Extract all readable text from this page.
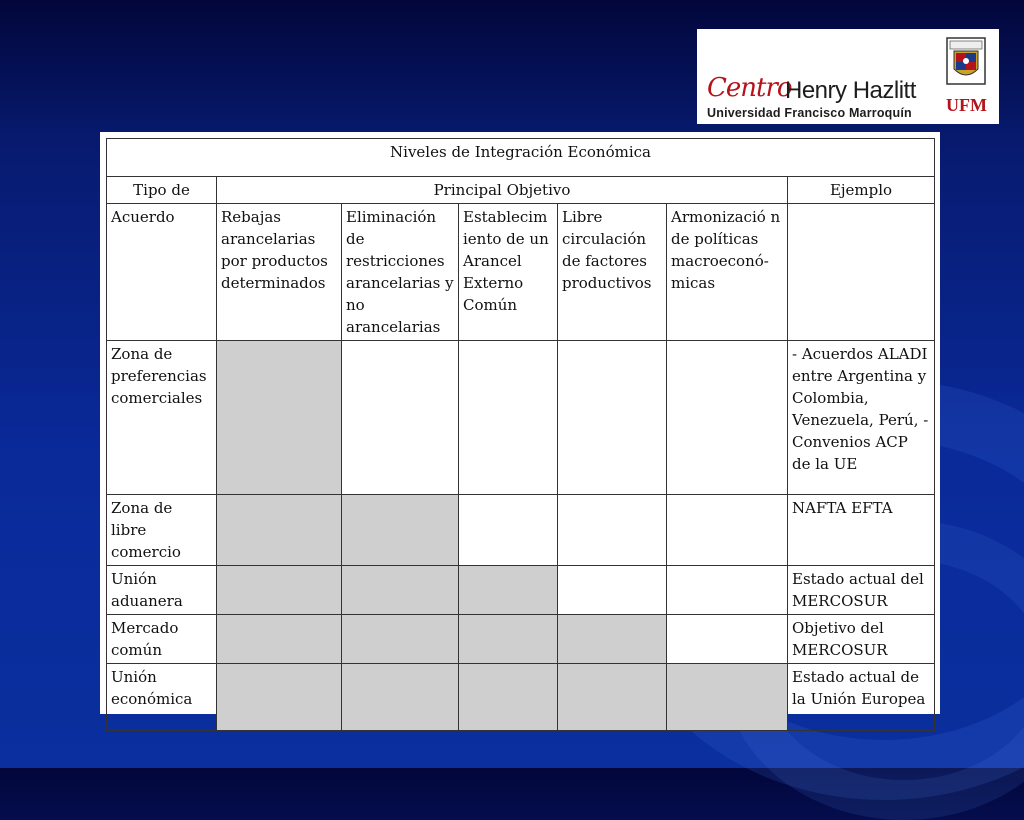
Centro
Henry Hazlitt
Universidad Francisco Marroquín UFM
Niveles de Integración Económica						
Tipo de	Principal Objetivo					Ejemplo
Acuerdo	Rebajas arancelarias por productos determinados	Eliminación de restricciones arancelarias y no arancelarias	Establecim iento de un Arancel Externo Común	Libre circulación de factores productivos	Armonizació n de políticas macroeconó- micas	
Zona de preferencias comerciales						- Acuerdos ALADI entre Argentina y Colombia, Venezuela, Perú, - Convenios ACP de la UE
Zona de libre comercio						NAFTA EFTA
Unión aduanera						Estado actual del MERCOSUR
Mercado común						Objetivo del MERCOSUR
Unión económica						Estado actual de la Unión Europea
